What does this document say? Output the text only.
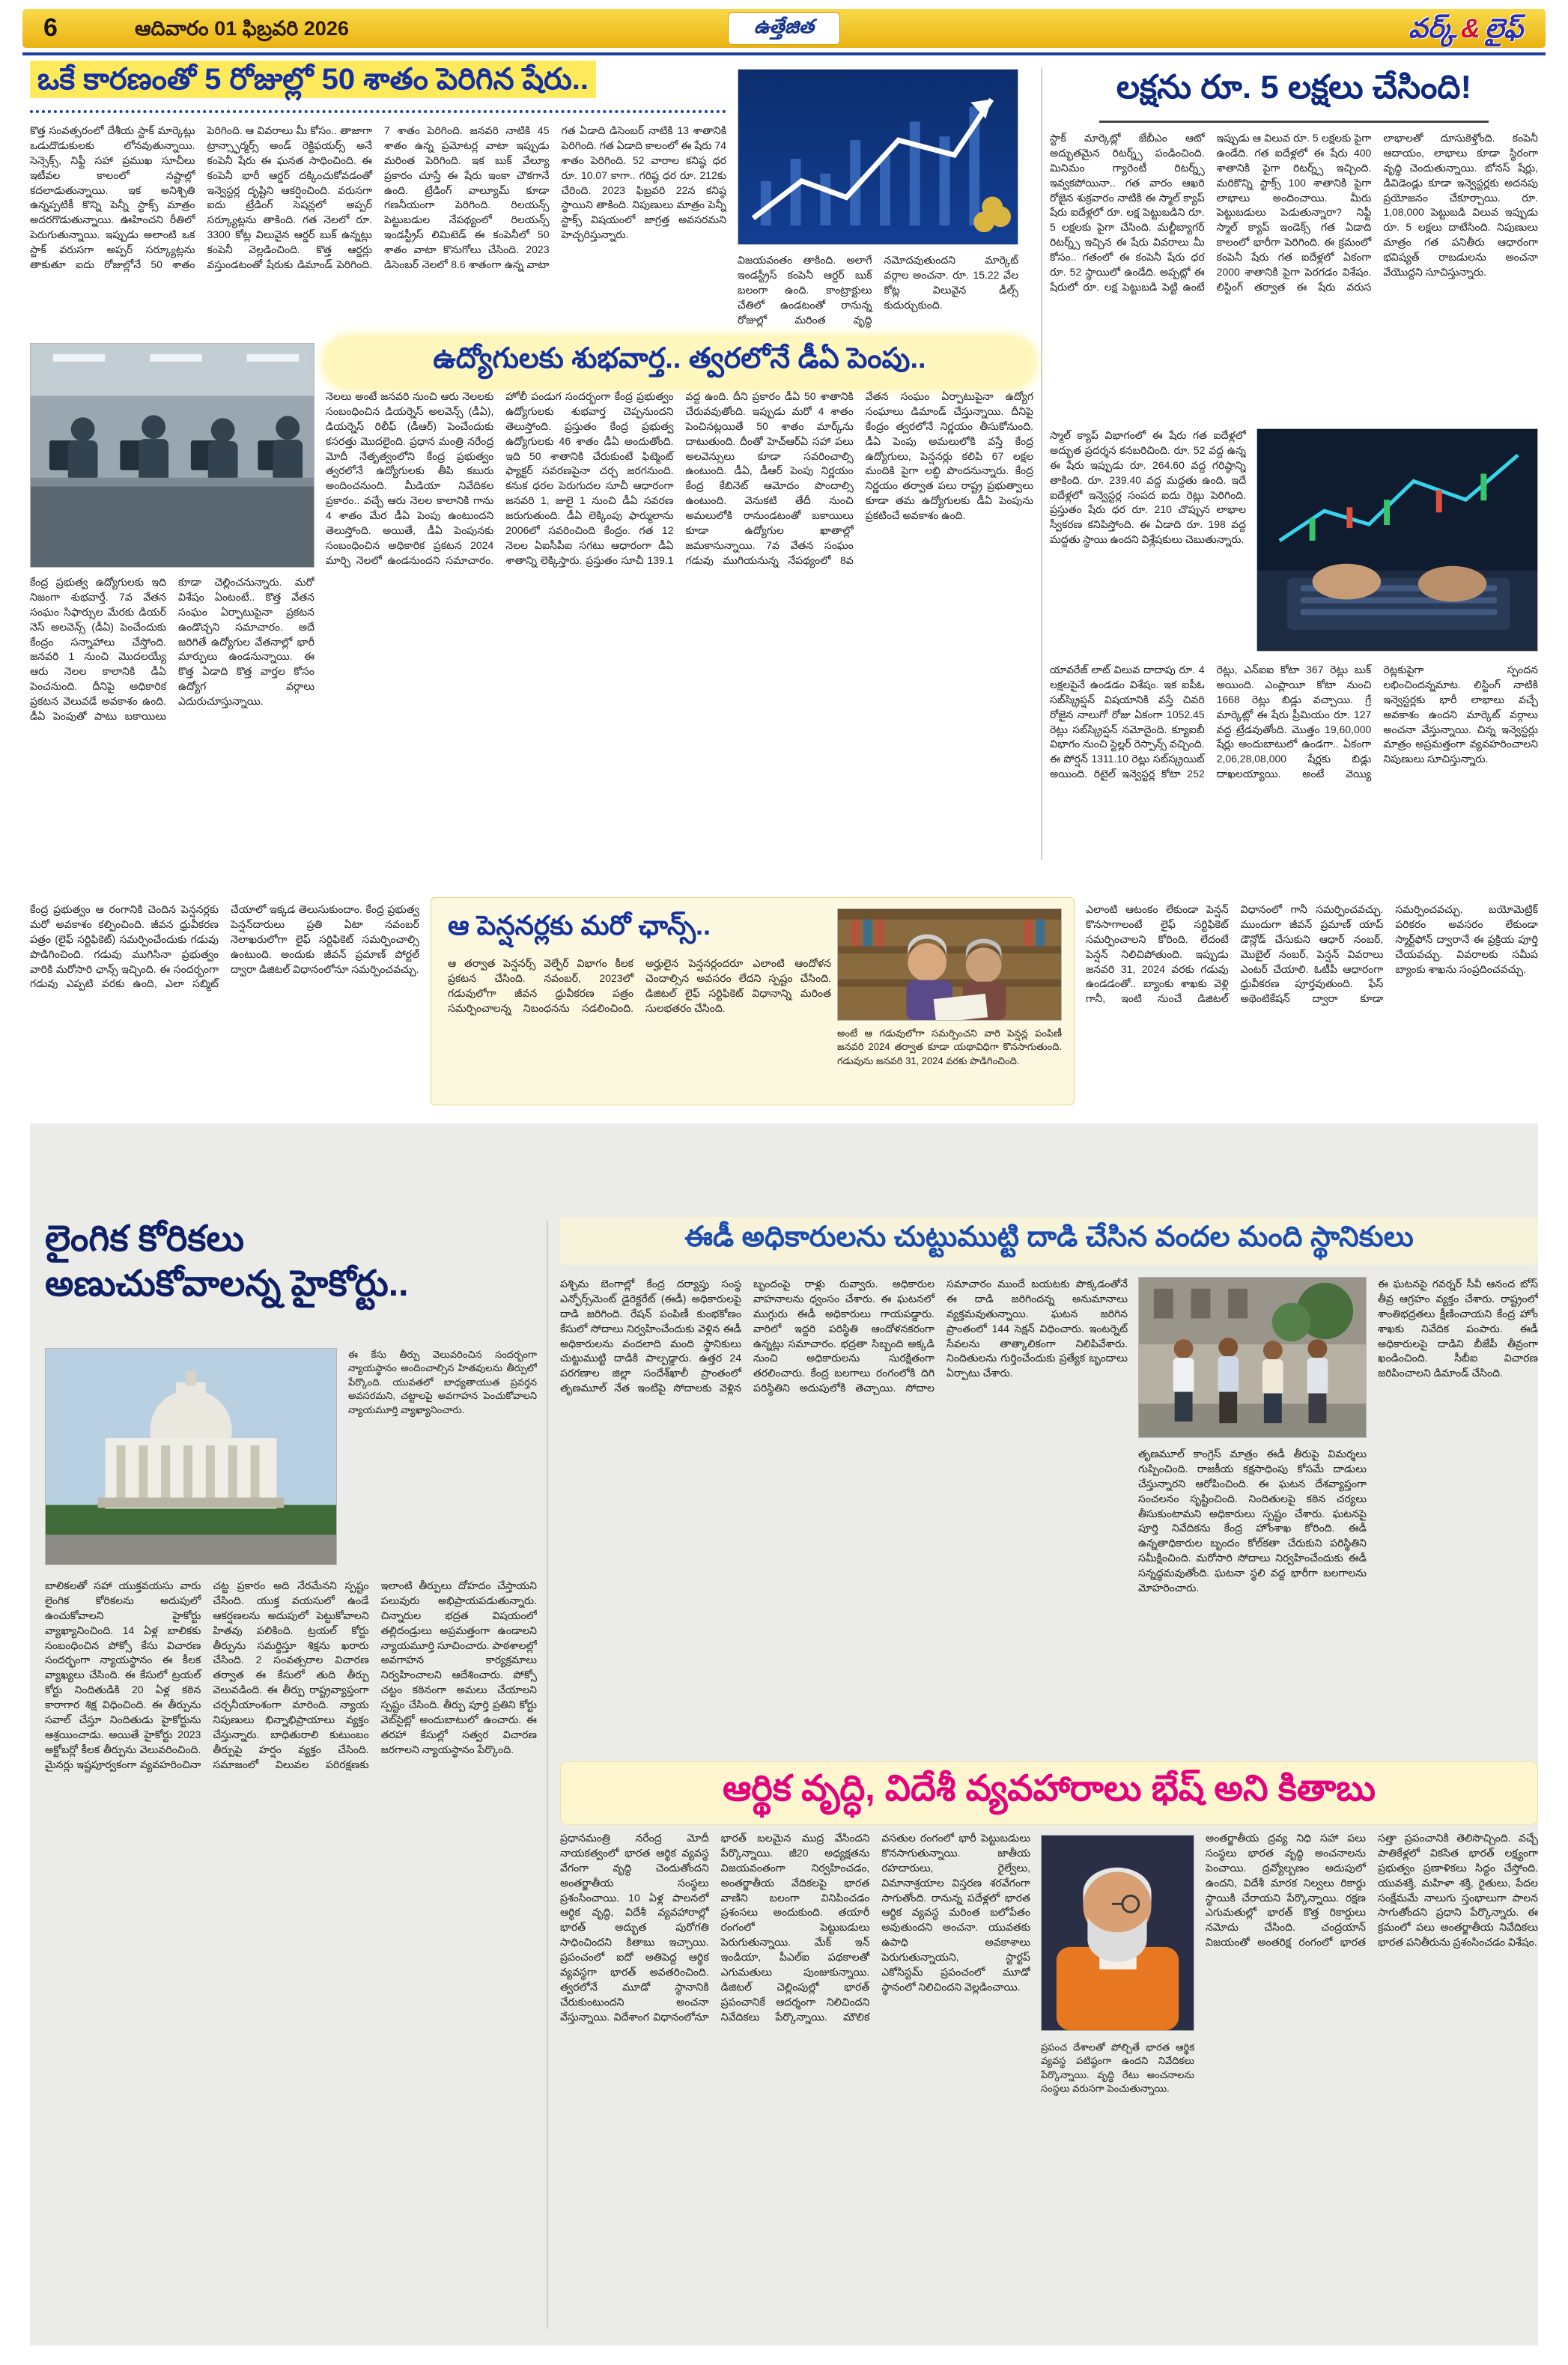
6	ఆదివారం 01 ఫిబ్రవరి 2026	ఉత్తేజిత	వర్క్ & లైఫ్
ఒకే కారణంతో 5 రోజుల్లో 50 శాతం పెరిగిన షేరు..
కొత్త సంవత్సరంలో దేశీయ స్టాక్ మార్కెట్లు ఒడుదొడుకులకు లోనవుతున్నాయి. సెన్సెక్స్, నిఫ్టీ సహా ప్రముఖ సూచీలు ఇటీవల కాలంలో నష్టాల్లో కదలాడుతున్నాయి. ఇక అనిశ్చితి ఉన్నప్పటికీ కొన్ని పెన్నీ స్టాక్స్ మాత్రం అదరగొడుతున్నాయి. ఊహించని రీతిలో పెరుగుతున్నాయి. ఇప్పుడు అలాంటి ఒక స్టాక్ వరుసగా అప్పర్ సర్క్యూట్లను తాకుతూ ఐదు రోజుల్లోనే 50 శాతం పెరిగింది. ఆ వివరాలు మీ కోసం.. తాజాగా ట్రాన్స్ఫార్మర్స్ అండ్ రెక్టిఫయర్స్ అనే కంపెనీ షేరు ఈ ఘనత సాధించింది. ఈ కంపెనీ భారీ ఆర్డర్ దక్కించుకోవడంతో ఇన్వెస్టర్ల దృష్టిని ఆకర్షించింది. వరుసగా ఐదు ట్రేడింగ్ సెషన్లలో అప్పర్ సర్క్యూట్లను తాకింది. గత నెలలో రూ. 3300 కోట్ల విలువైన ఆర్డర్ బుక్ ఉన్నట్లు కంపెనీ వెల్లడించింది. కొత్త ఆర్డర్లు వస్తుండటంతో షేరుకు డిమాండ్ పెరిగింది. 7 శాతం పెరిగింది. జనవరి నాటికి 45 శాతం ఉన్న ప్రమోటర్ల వాటా ఇప్పుడు మరింత పెరిగింది. ఇక బుక్ వేల్యూ ప్రకారం చూస్తే ఈ షేరు ఇంకా చౌకగానే ఉంది. ట్రేడింగ్ వాల్యూమ్ కూడా గణనీయంగా పెరిగింది. రిలయన్స్ పెట్టుబడుల నేపథ్యంలో రిలయన్స్ ఇండస్ట్రీస్ లిమిటెడ్ ఈ కంపెనీలో 50 శాతం వాటా కొనుగోలు చేసింది. 2023 డిసెంబర్ నెలలో 8.6 శాతంగా ఉన్న వాటా గత ఏడాది డిసెంబర్ నాటికి 13 శాతానికి పెరిగింది. గత ఏడాది కాలంలో ఈ షేరు 74 శాతం పెరిగింది. 52 వారాల కనిష్ఠ ధర రూ. 10.07 కాగా.. గరిష్ఠ ధర రూ. 212కు చేరింది. 2023 ఫిబ్రవరి 22న కనిష్ఠ స్థాయిని తాకింది. నిపుణులు మాత్రం పెన్నీ స్టాక్స్ విషయంలో జాగ్రత్త అవసరమని హెచ్చరిస్తున్నారు.
విజయవంతం తాకింది. అలాగే ఇండస్ట్రీస్ కంపెనీ ఆర్డర్ బుక్ బలంగా ఉంది. కాంట్రాక్టులు చేతిలో ఉండటంతో రానున్న రోజుల్లో మరింత వృద్ధి నమోదవుతుందని మార్కెట్ వర్గాల అంచనా. రూ. 15.22 వేల కోట్ల విలువైన డీల్స్ కుదుర్చుకుంది.
కేంద్ర ప్రభుత్వ ఉద్యోగులకు ఇది నిజంగా శుభవార్తే. 7వ వేతన సంఘం సిఫార్సుల మేరకు డియర్ నెస్ అలవెన్స్ (డీఏ) పెంచేందుకు కేంద్రం సన్నాహాలు చేస్తోంది. జనవరి 1 నుంచి మొదలయ్యే ఆరు నెలల కాలానికి డీఏ పెంచనుంది. దీనిపై అధికారిక ప్రకటన వెలువడే అవకాశం ఉంది. డీఏ పెంపుతో పాటు బకాయిలు కూడా చెల్లించనున్నారు. మరో విశేషం ఏంటంటే.. కొత్త వేతన సంఘం ఏర్పాటుపైనా ప్రకటన ఉండొచ్చని సమాచారం. అదే జరిగితే ఉద్యోగుల వేతనాల్లో భారీ మార్పులు ఉండనున్నాయి. ఈ కొత్త ఏడాది కొత్త వార్తల కోసం ఉద్యోగ వర్గాలు ఎదురుచూస్తున్నాయి.
ఉద్యోగులకు శుభవార్త.. త్వరలోనే డీఏ పెంపు..
నెలలు అంటే జనవరి నుంచి ఆరు నెలలకు సంబంధించిన డియర్నెస్ అలవెన్స్ (డీఏ), డియర్నెస్ రిలీఫ్ (డీఆర్) పెంచేందుకు కసరత్తు మొదలైంది. ప్రధాన మంత్రి నరేంద్ర మోదీ నేతృత్వంలోని కేంద్ర ప్రభుత్వం త్వరలోనే ఉద్యోగులకు తీపి కబురు అందించనుంది. మీడియా నివేదికల ప్రకారం.. వచ్చే ఆరు నెలల కాలానికి గాను 4 శాతం మేర డీఏ పెంపు ఉంటుందని తెలుస్తోంది. అయితే, డీఏ పెంపునకు సంబంధించిన అధికారిక ప్రకటన 2024 మార్చి నెలలో ఉండనుందని సమాచారం. హోలీ పండుగ సందర్భంగా కేంద్ర ప్రభుత్వం ఉద్యోగులకు శుభవార్త చెప్పనుందని తెలుస్తోంది. ప్రస్తుతం కేంద్ర ప్రభుత్వ ఉద్యోగులకు 46 శాతం డీఏ అందుతోంది. ఇది 50 శాతానికి చేరుకుంటే ఫిట్మెంట్ ఫ్యాక్టర్ సవరణపైనా చర్చ జరగనుంది. కనుక ధరల పెరుగుదల సూచీ ఆధారంగా జనవరి 1, జులై 1 నుంచి డీఏ సవరణ జరుగుతుంది. డీఏ లెక్కింపు ఫార్ములాను 2006లో సవరించింది కేంద్రం. గత 12 నెలల ఏఐసీపీఐ సగటు ఆధారంగా డీఏ శాతాన్ని లెక్కిస్తారు. ప్రస్తుతం సూచీ 139.1 వద్ద ఉంది. దీని ప్రకారం డీఏ 50 శాతానికి చేరువవుతోంది. ఇప్పుడు మరో 4 శాతం పెంచినట్లయితే 50 శాతం మార్క్‌ను దాటుతుంది. దీంతో హెచ్ఆర్ఏ సహా పలు అలవెన్సులు కూడా సవరించాల్సి ఉంటుంది. డీఏ, డీఆర్ పెంపు నిర్ణయం కేంద్ర కేబినెట్ ఆమోదం పొందాల్సి ఉంటుంది. వెనుకటి తేదీ నుంచి అమలులోకి రానుండటంతో బకాయిలు కూడా ఉద్యోగుల ఖాతాల్లో జమకానున్నాయి. 7వ వేతన సంఘం గడువు ముగియనున్న నేపథ్యంలో 8వ వేతన సంఘం ఏర్పాటుపైనా ఉద్యోగ సంఘాలు డిమాండ్ చేస్తున్నాయి. దీనిపై కేంద్రం త్వరలోనే నిర్ణయం తీసుకోనుంది. డీఏ పెంపు అమలులోకి వస్తే కేంద్ర ఉద్యోగులు, పెన్షనర్లు కలిపి 67 లక్షల మందికి పైగా లబ్ధి పొందనున్నారు. కేంద్ర నిర్ణయం తర్వాత పలు రాష్ట్ర ప్రభుత్వాలు కూడా తమ ఉద్యోగులకు డీఏ పెంపును ప్రకటించే అవకాశం ఉంది.
లక్షను రూ. 5 లక్షలు చేసింది!
స్టాక్ మార్కెట్లో జేబీఎం ఆటో అద్భుతమైన రిటర్న్స్ పండించింది. మినిమం గ్యారెంటీ రిటర్న్స్ ఇవ్వకపోయినా.. గత వారం ఆఖరి రోజైన శుక్రవారం నాటికి ఈ స్మాల్ క్యాప్ షేరు ఐదేళ్లలో రూ. లక్ష పెట్టుబడిని రూ. 5 లక్షలకు పైగా చేసింది. మల్టీబ్యాగర్ రిటర్న్స్ ఇచ్చిన ఈ షేరు వివరాలు మీ కోసం.. గతంలో ఈ కంపెనీ షేరు ధర రూ. 52 స్థాయిలో ఉండేది. అప్పట్లో ఈ షేరులో రూ. లక్ష పెట్టుబడి పెట్టి ఉంటే ఇప్పుడు ఆ విలువ రూ. 5 లక్షలకు పైగా ఉండేది. గత ఐదేళ్లలో ఈ షేరు 400 శాతానికి పైగా రిటర్న్స్ ఇచ్చింది. మరికొన్ని స్టాక్స్ 100 శాతానికి పైగా లాభాలు అందించాయి. మీరు పెట్టుబడులు పెడుతున్నారా? నిఫ్టీ స్మాల్ క్యాప్ ఇండెక్స్ గత ఏడాది కాలంలో భారీగా పెరిగింది. ఈ క్రమంలో కంపెనీ షేరు గత ఐదేళ్లలో ఏకంగా 2000 శాతానికి పైగా పెరగడం విశేషం. లిస్టింగ్ తర్వాత ఈ షేరు వరుస లాభాలతో దూసుకెళ్తోంది. కంపెనీ ఆదాయం, లాభాలు కూడా స్థిరంగా వృద్ధి చెందుతున్నాయి. బోనస్ షేర్లు, డివిడెండ్లు కూడా ఇన్వెస్టర్లకు అదనపు ప్రయోజనం చేకూర్చాయి. రూ. 1,08,000 పెట్టుబడి విలువ ఇప్పుడు రూ. 5 లక్షలు దాటేసింది. నిపుణులు మాత్రం గత పనితీరు ఆధారంగా భవిష్యత్ రాబడులను అంచనా వేయొద్దని సూచిస్తున్నారు.
స్మాల్ క్యాప్ విభాగంలో ఈ షేరు గత ఐదేళ్లలో అద్భుత ప్రదర్శన కనబరిచింది. రూ. 52 వద్ద ఉన్న ఈ షేరు ఇప్పుడు రూ. 264.60 వద్ద గరిష్ఠాన్ని తాకింది. రూ. 239.40 వద్ద మద్దతు ఉంది. ఇదే ఐదేళ్లలో ఇన్వెస్టర్ల సంపద ఐదు రెట్లు పెరిగింది. ప్రస్తుతం షేరు ధర రూ. 210 చొప్పున లాభాల స్వీకరణ కనిపిస్తోంది. ఈ ఏడాది రూ. 198 వద్ద మద్దతు స్థాయి ఉందని విశ్లేషకులు చెబుతున్నారు.
యావరేజ్ లాట్ విలువ దాదాపు రూ. 4 లక్షలపైనే ఉండడం విశేషం. ఇక ఐపీఓ సబ్‌స్క్రిప్షన్ విషయానికి వస్తే చివరి రోజైన నాలుగో రోజు ఏకంగా 1052.45 రెట్లు సబ్‌స్క్రిప్షన్ నమోదైంది. క్యూఐబీ విభాగం నుంచి స్టెల్లర్ రెస్పాన్స్ వచ్చింది. ఈ పోర్షన్ 1311.10 రెట్లు సబ్‌స్క్రయిబ్ అయింది. రిటైల్ ఇన్వెస్టర్ల కోటా 252 రెట్లు, ఎన్ఐఐ కోటా 367 రెట్లు బుక్ అయింది. ఎంప్లాయీ కోటా నుంచి 1668 రెట్లు బిడ్లు వచ్చాయి. గ్రే మార్కెట్లో ఈ షేరు ప్రీమియం రూ. 127 వద్ద ట్రేడవుతోంది. మొత్తం 19,60,000 షేర్లు అందుబాటులో ఉండగా.. ఏకంగా 2,06,28,08,000 షేర్లకు బిడ్లు దాఖలయ్యాయి. అంటే వెయ్యి రెట్లకుపైగా స్పందన లభించిందన్నమాట. లిస్టింగ్ నాటికి ఇన్వెస్టర్లకు భారీ లాభాలు వచ్చే అవకాశం ఉందని మార్కెట్ వర్గాలు అంచనా వేస్తున్నాయి. చిన్న ఇన్వెస్టర్లు మాత్రం అప్రమత్తంగా వ్యవహరించాలని నిపుణులు సూచిస్తున్నారు.
కేంద్ర ప్రభుత్వం ఆ రంగానికి చెందిన పెన్షనర్లకు మరో అవకాశం కల్పించింది. జీవన ధ్రువీకరణ పత్రం (లైఫ్ సర్టిఫికెట్) సమర్పించేందుకు గడువు పొడిగించింది. గడువు ముగిసినా ప్రభుత్వం వారికి మరోసారి ఛాన్స్ ఇచ్చింది. ఈ సందర్భంగా గడువు ఎప్పటి వరకు ఉంది, ఎలా సబ్మిట్ చేయాలో ఇక్కడ తెలుసుకుందాం. కేంద్ర ప్రభుత్వ పెన్షన్‌దారులు ప్రతి ఏటా నవంబర్ నెలాఖరులోగా లైఫ్ సర్టిఫికెట్ సమర్పించాల్సి ఉంటుంది. అందుకు జీవన్ ప్రమాణ్ పోర్టల్ ద్వారా డిజిటల్ విధానంలోనూ సమర్పించవచ్చు.
ఆ పెన్షనర్లకు మరో ఛాన్స్..
ఆ తర్వాత పెన్షనర్స్ వెల్ఫేర్ విభాగం కీలక ప్రకటన చేసింది. నవంబర్, 2023లో గడువులోగా జీవన ధ్రువీకరణ పత్రం సమర్పించాలన్న నిబంధనను సడలించింది. అర్హులైన పెన్షనర్లందరూ ఎలాంటి ఆందోళన చెందాల్సిన అవసరం లేదని స్పష్టం చేసింది. డిజిటల్ లైఫ్ సర్టిఫికెట్ విధానాన్ని మరింత సులభతరం చేసింది.
అంటే ఆ గడువులోగా సమర్పించని వారి పెన్షన్ల పంపిణీ జనవరి 2024 తర్వాత కూడా యథావిధిగా కొనసాగుతుంది. గడువును జనవరి 31, 2024 వరకు పొడిగించింది.
ఎలాంటి ఆటంకం లేకుండా పెన్షన్ కొనసాగాలంటే లైఫ్ సర్టిఫికెట్ సమర్పించాలని కోరింది. లేదంటే పెన్షన్ నిలిచిపోతుంది. ఇప్పుడు జనవరి 31, 2024 వరకు గడువు ఉండడంతో.. బ్యాంకు శాఖకు వెళ్లి గానీ, ఇంటి నుంచే డిజిటల్ విధానంలో గానీ సమర్పించవచ్చు. ముందుగా జీవన్ ప్రమాణ్ యాప్ డౌన్లోడ్ చేసుకుని ఆధార్ నంబర్, మొబైల్ నంబర్, పెన్షన్ వివరాలు ఎంటర్ చేయాలి. ఓటీపీ ఆధారంగా ధ్రువీకరణ పూర్తవుతుంది. ఫేస్ అథెంటికేషన్ ద్వారా కూడా సమర్పించవచ్చు. బయోమెట్రిక్ పరికరం అవసరం లేకుండా స్మార్ట్‌ఫోన్ ద్వారానే ఈ ప్రక్రియ పూర్తి చేయవచ్చు. వివరాలకు సమీప బ్యాంకు శాఖను సంప్రదించవచ్చు.
లైంగిక కోరికలు
అణుచుకోవాలన్న హైకోర్టు..
ఈ కేసు తీర్పు వెలువరించిన సందర్భంగా న్యాయస్థానం అందించాల్సిన హితవులను తీర్పులో పేర్కొంది. యువతలో బాధ్యతాయుత ప్రవర్తన అవసరమని, చట్టాలపై అవగాహన పెంచుకోవాలని న్యాయమూర్తి వ్యాఖ్యానించారు.
బాలికలతో సహా యుక్తవయసు వారు లైంగిక కోరికలను అదుపులో ఉంచుకోవాలని హైకోర్టు వ్యాఖ్యానించింది. 14 ఏళ్ల బాలికకు సంబంధించిన పోక్సో కేసు విచారణ సందర్భంగా న్యాయస్థానం ఈ కీలక వ్యాఖ్యలు చేసింది. ఈ కేసులో ట్రయల్ కోర్టు నిందితుడికి 20 ఏళ్ల కఠిన కారాగార శిక్ష విధించింది. ఈ తీర్పును సవాల్ చేస్తూ నిందితుడు హైకోర్టును ఆశ్రయించాడు. అయితే హైకోర్టు 2023 అక్టోబర్లో కీలక తీర్పును వెలువరించింది. మైనర్లు ఇష్టపూర్వకంగా వ్యవహరించినా చట్ట ప్రకారం అది నేరమేనని స్పష్టం చేసింది. యుక్త వయసులో ఉండే ఆకర్షణలను అదుపులో పెట్టుకోవాలని హితవు పలికింది. ట్రయల్ కోర్టు తీర్పును సమర్థిస్తూ శిక్షను ఖరారు చేసింది. 2 సంవత్సరాల విచారణ తర్వాత ఈ కేసులో తుది తీర్పు వెలువడింది. ఈ తీర్పు రాష్ట్రవ్యాప్తంగా చర్చనీయాంశంగా మారింది. న్యాయ నిపుణులు భిన్నాభిప్రాయాలు వ్యక్తం చేస్తున్నారు. బాధితురాలి కుటుంబం తీర్పుపై హర్షం వ్యక్తం చేసింది. సమాజంలో విలువల పరిరక్షణకు ఇలాంటి తీర్పులు దోహదం చేస్తాయని పలువురు అభిప్రాయపడుతున్నారు. చిన్నారుల భద్రత విషయంలో తల్లిదండ్రులు అప్రమత్తంగా ఉండాలని న్యాయమూర్తి సూచించారు. పాఠశాలల్లో అవగాహన కార్యక్రమాలు నిర్వహించాలని ఆదేశించారు. పోక్సో చట్టం కఠినంగా అమలు చేయాలని స్పష్టం చేసింది. తీర్పు పూర్తి ప్రతిని కోర్టు వెబ్‌సైట్లో అందుబాటులో ఉంచారు. ఈ తరహా కేసుల్లో సత్వర విచారణ జరగాలని న్యాయస్థానం పేర్కొంది.
ఈడీ అధికారులను చుట్టుముట్టి దాడి చేసిన వందల మంది స్థానికులు
పశ్చిమ బెంగాల్లో కేంద్ర దర్యాప్తు సంస్థ ఎన్ఫోర్స్‌మెంట్ డైరెక్టరేట్ (ఈడీ) అధికారులపై దాడి జరిగింది. రేషన్ పంపిణీ కుంభకోణం కేసులో సోదాలు నిర్వహించేందుకు వెళ్లిన ఈడీ అధికారులను వందలాది మంది స్థానికులు చుట్టుముట్టి దాడికి పాల్పడ్డారు. ఉత్తర 24 పరగణాల జిల్లా సందేశ్‌ఖాలీ ప్రాంతంలో తృణమూల్ నేత ఇంటిపై సోదాలకు వెళ్లిన బృందంపై రాళ్లు రువ్వారు. అధికారుల వాహనాలను ధ్వంసం చేశారు. ఈ ఘటనలో ముగ్గురు ఈడీ అధికారులు గాయపడ్డారు. వారిలో ఇద్దరి పరిస్థితి ఆందోళనకరంగా ఉన్నట్లు సమాచారం. భద్రతా సిబ్బంది అక్కడి నుంచి అధికారులను సురక్షితంగా తరలించారు. కేంద్ర బలగాలు రంగంలోకి దిగి పరిస్థితిని అదుపులోకి తెచ్చాయి. సోదాల సమాచారం ముందే బయటకు పొక్కడంతోనే ఈ దాడి జరిగిందన్న అనుమానాలు వ్యక్తమవుతున్నాయి. ఘటన జరిగిన ప్రాంతంలో 144 సెక్షన్ విధించారు. ఇంటర్నెట్ సేవలను తాత్కాలికంగా నిలిపివేశారు. నిందితులను గుర్తించేందుకు ప్రత్యేక బృందాలు ఏర్పాటు చేశారు.
తృణమూల్ కాంగ్రెస్ మాత్రం ఈడీ తీరుపై విమర్శలు గుప్పించింది. రాజకీయ కక్షసాధింపు కోసమే దాడులు చేస్తున్నారని ఆరోపించింది. ఈ ఘటన దేశవ్యాప్తంగా సంచలనం సృష్టించింది. నిందితులపై కఠిన చర్యలు తీసుకుంటామని అధికారులు స్పష్టం చేశారు. ఘటనపై పూర్తి నివేదికను కేంద్ర హోంశాఖ కోరింది. ఈడీ ఉన్నతాధికారుల బృందం కోల్‌కతా చేరుకుని పరిస్థితిని సమీక్షించింది. మరోసారి సోదాలు నిర్వహించేందుకు ఈడీ సన్నద్ధమవుతోంది. ఘటనా స్థలి వద్ద భారీగా బలగాలను మోహరించారు.
ఈ ఘటనపై గవర్నర్ సీవీ ఆనంద బోస్ తీవ్ర ఆగ్రహం వ్యక్తం చేశారు. రాష్ట్రంలో శాంతిభద్రతలు క్షీణించాయని కేంద్ర హోం శాఖకు నివేదిక పంపారు. ఈడీ అధికారులపై దాడిని బీజేపీ తీవ్రంగా ఖండించింది. సీబీఐ విచారణ జరిపించాలని డిమాండ్ చేసింది.
ఆర్థిక వృద్ధి, విదేశీ వ్యవహారాలు భేష్ అని కితాబు
ప్రధానమంత్రి నరేంద్ర మోదీ నాయకత్వంలో భారత ఆర్థిక వ్యవస్థ వేగంగా వృద్ధి చెందుతోందని అంతర్జాతీయ సంస్థలు ప్రశంసించాయి. 10 ఏళ్ల పాలనలో ఆర్థిక వృద్ధి, విదేశీ వ్యవహారాల్లో భారత్ అద్భుత పురోగతి సాధించిందని కితాబు ఇచ్చాయి. ప్రపంచంలో ఐదో అతిపెద్ద ఆర్థిక వ్యవస్థగా భారత్ అవతరించింది. త్వరలోనే మూడో స్థానానికి చేరుకుంటుందని అంచనా వేస్తున్నాయి. విదేశాంగ విధానంలోనూ భారత్ బలమైన ముద్ర వేసిందని పేర్కొన్నాయి. జీ20 అధ్యక్షతను విజయవంతంగా నిర్వహించడం, అంతర్జాతీయ వేదికలపై భారత వాణిని బలంగా వినిపించడం ప్రశంసలు అందుకుంది. తయారీ రంగంలో పెట్టుబడులు పెరుగుతున్నాయి. మేక్ ఇన్ ఇండియా, పీఎల్ఐ పథకాలతో ఎగుమతులు పుంజుకున్నాయి. డిజిటల్ చెల్లింపుల్లో భారత్ ప్రపంచానికే ఆదర్శంగా నిలిచిందని నివేదికలు పేర్కొన్నాయి. మౌలిక వసతుల రంగంలో భారీ పెట్టుబడులు కొనసాగుతున్నాయి. జాతీయ రహదారులు, రైల్వేలు, విమానాశ్రయాల విస్తరణ శరవేగంగా సాగుతోంది. రానున్న పదేళ్లలో భారత ఆర్థిక వ్యవస్థ మరింత బలోపేతం అవుతుందని అంచనా. యువతకు ఉపాధి అవకాశాలు పెరుగుతున్నాయని, స్టార్టప్ ఎకోసిస్టమ్ ప్రపంచంలో మూడో స్థానంలో నిలిచిందని వెల్లడించాయి.
ప్రపంచ దేశాలతో పోల్చితే భారత ఆర్థిక వ్యవస్థ పటిష్ఠంగా ఉందని నివేదికలు పేర్కొన్నాయి. వృద్ధి రేటు అంచనాలను సంస్థలు వరుసగా పెంచుతున్నాయి.
అంతర్జాతీయ ద్రవ్య నిధి సహా పలు సంస్థలు భారత వృద్ధి అంచనాలను పెంచాయి. ద్రవ్యోల్బణం అదుపులో ఉందని, విదేశీ మారక నిల్వలు రికార్డు స్థాయికి చేరాయని పేర్కొన్నాయి. రక్షణ ఎగుమతుల్లో భారత్ కొత్త రికార్డులు నమోదు చేసింది. చంద్రయాన్ విజయంతో అంతరిక్ష రంగంలో భారత సత్తా ప్రపంచానికి తెలిసొచ్చింది. వచ్చే పాతికేళ్లలో వికసిత భారత్ లక్ష్యంగా ప్రభుత్వం ప్రణాళికలు సిద్ధం చేస్తోంది. యువశక్తి, మహిళా శక్తి, రైతులు, పేదల సంక్షేమమే నాలుగు స్తంభాలుగా పాలన సాగుతోందని ప్రధాని పేర్కొన్నారు. ఈ క్రమంలో పలు అంతర్జాతీయ నివేదికలు భారత పనితీరును ప్రశంసించడం విశేషం.
